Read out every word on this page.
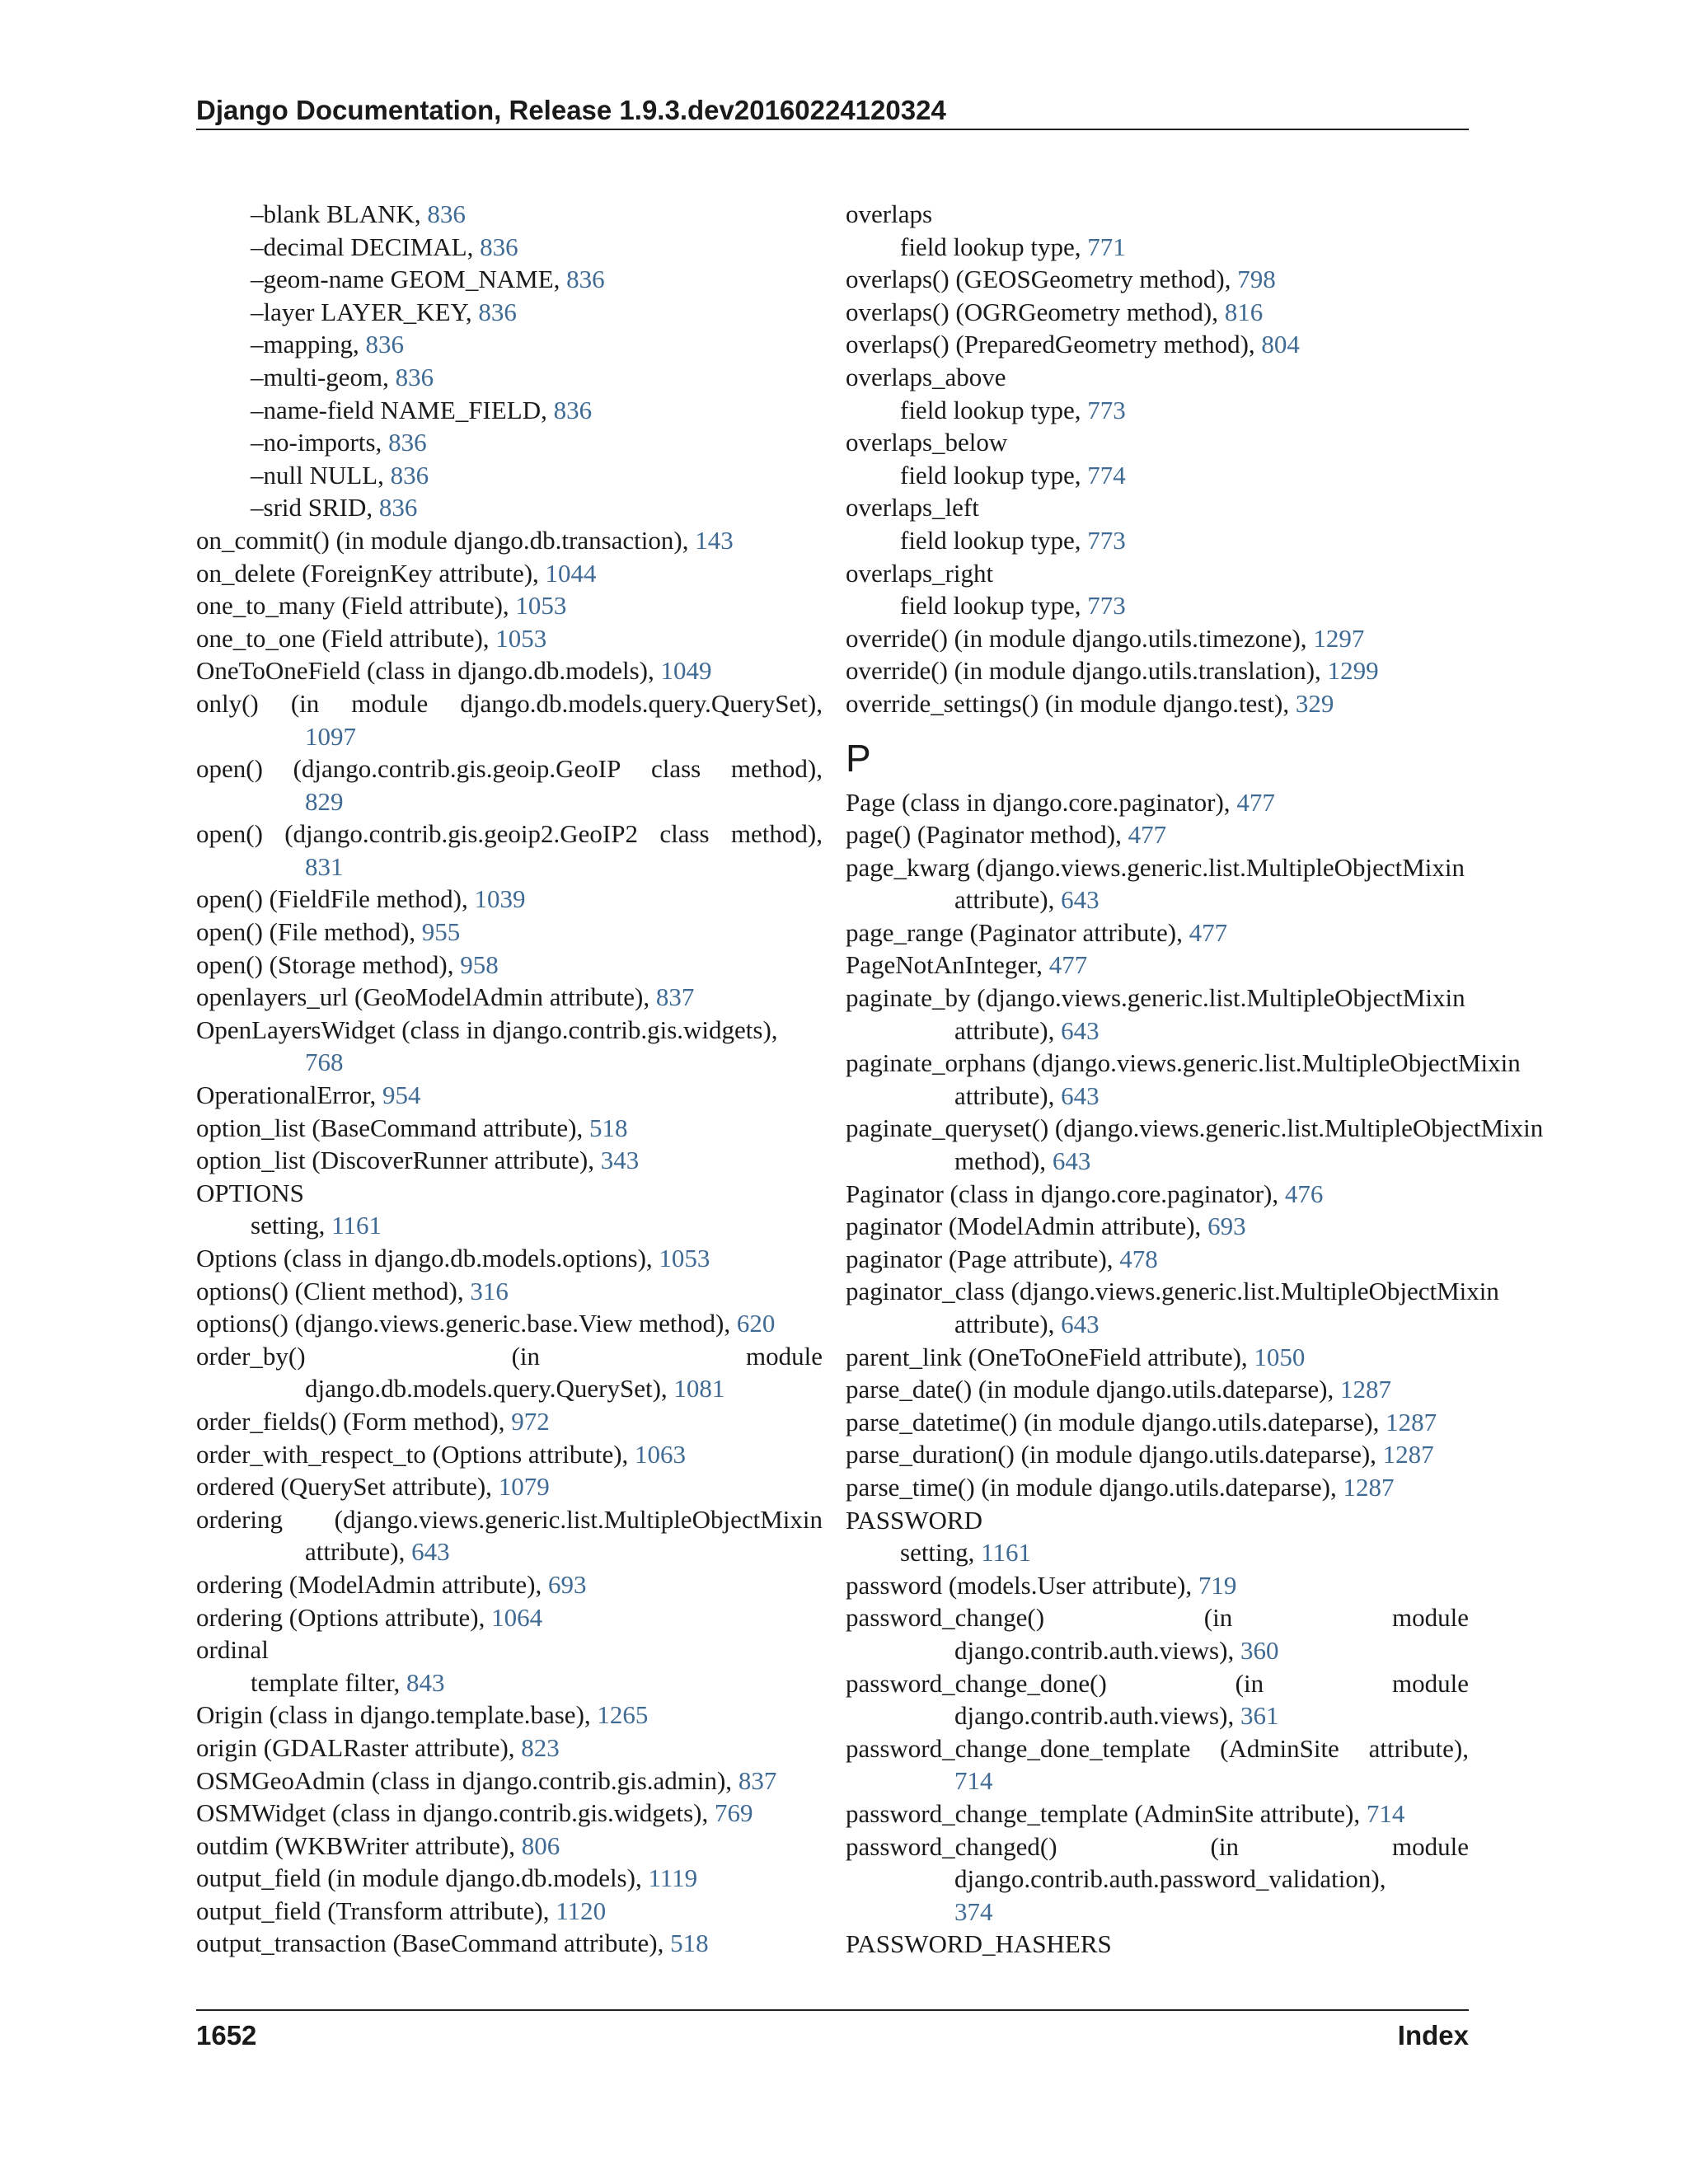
Django Documentation, Release 1.9.3.dev20160224120324
–blank BLANK, 836
–decimal DECIMAL, 836
–geom-name GEOM_NAME, 836
–layer LAYER_KEY, 836
–mapping, 836
–multi-geom, 836
–name-field NAME_FIELD, 836
–no-imports, 836
–null NULL, 836
–srid SRID, 836
on_commit() (in module django.db.transaction), 143
on_delete (ForeignKey attribute), 1044
one_to_many (Field attribute), 1053
one_to_one (Field attribute), 1053
OneToOneField (class in django.db.models), 1049
only() (in module django.db.models.query.QuerySet),
1097
open() (django.contrib.gis.geoip.GeoIP class method),
829
open() (django.contrib.gis.geoip2.GeoIP2 class method),
831
open() (FieldFile method), 1039
open() (File method), 955
open() (Storage method), 958
openlayers_url (GeoModelAdmin attribute), 837
OpenLayersWidget (class in django.contrib.gis.widgets),
768
OperationalError, 954
option_list (BaseCommand attribute), 518
option_list (DiscoverRunner attribute), 343
OPTIONS
setting, 1161
Options (class in django.db.models.options), 1053
options() (Client method), 316
options() (django.views.generic.base.View method), 620
order_by()	(in	module
django.db.models.query.QuerySet), 1081
order_fields() (Form method), 972
order_with_respect_to (Options attribute), 1063
ordered (QuerySet attribute), 1079
ordering (django.views.generic.list.MultipleObjectMixin
attribute), 643
ordering (ModelAdmin attribute), 693
ordering (Options attribute), 1064
ordinal
template filter, 843
Origin (class in django.template.base), 1265
origin (GDALRaster attribute), 823
OSMGeoAdmin (class in django.contrib.gis.admin), 837
OSMWidget (class in django.contrib.gis.widgets), 769
outdim (WKBWriter attribute), 806
output_field (in module django.db.models), 1119
output_field (Transform attribute), 1120
output_transaction (BaseCommand attribute), 518
overlaps
field lookup type, 771
overlaps() (GEOSGeometry method), 798
overlaps() (OGRGeometry method), 816
overlaps() (PreparedGeometry method), 804
overlaps_above
field lookup type, 773
overlaps_below
field lookup type, 774
overlaps_left
field lookup type, 773
overlaps_right
field lookup type, 773
override() (in module django.utils.timezone), 1297
override() (in module django.utils.translation), 1299
override_settings() (in module django.test), 329
P
Page (class in django.core.paginator), 477
page() (Paginator method), 477
page_kwarg (django.views.generic.list.MultipleObjectMixin
attribute), 643
page_range (Paginator attribute), 477
PageNotAnInteger, 477
paginate_by (django.views.generic.list.MultipleObjectMixin
attribute), 643
paginate_orphans (django.views.generic.list.MultipleObjectMixin
attribute), 643
paginate_queryset() (django.views.generic.list.MultipleObjectMixin
method), 643
Paginator (class in django.core.paginator), 476
paginator (ModelAdmin attribute), 693
paginator (Page attribute), 478
paginator_class (django.views.generic.list.MultipleObjectMixin
attribute), 643
parent_link (OneToOneField attribute), 1050
parse_date() (in module django.utils.dateparse), 1287
parse_datetime() (in module django.utils.dateparse), 1287
parse_duration() (in module django.utils.dateparse), 1287
parse_time() (in module django.utils.dateparse), 1287
PASSWORD
setting, 1161
password (models.User attribute), 719
password_change()	(in	module
django.contrib.auth.views), 360
password_change_done()	(in	module
django.contrib.auth.views), 361
password_change_done_template (AdminSite attribute),
714
password_change_template (AdminSite attribute), 714
password_changed()	(in	module
django.contrib.auth.password_validation),
374
PASSWORD_HASHERS
1652	Index
